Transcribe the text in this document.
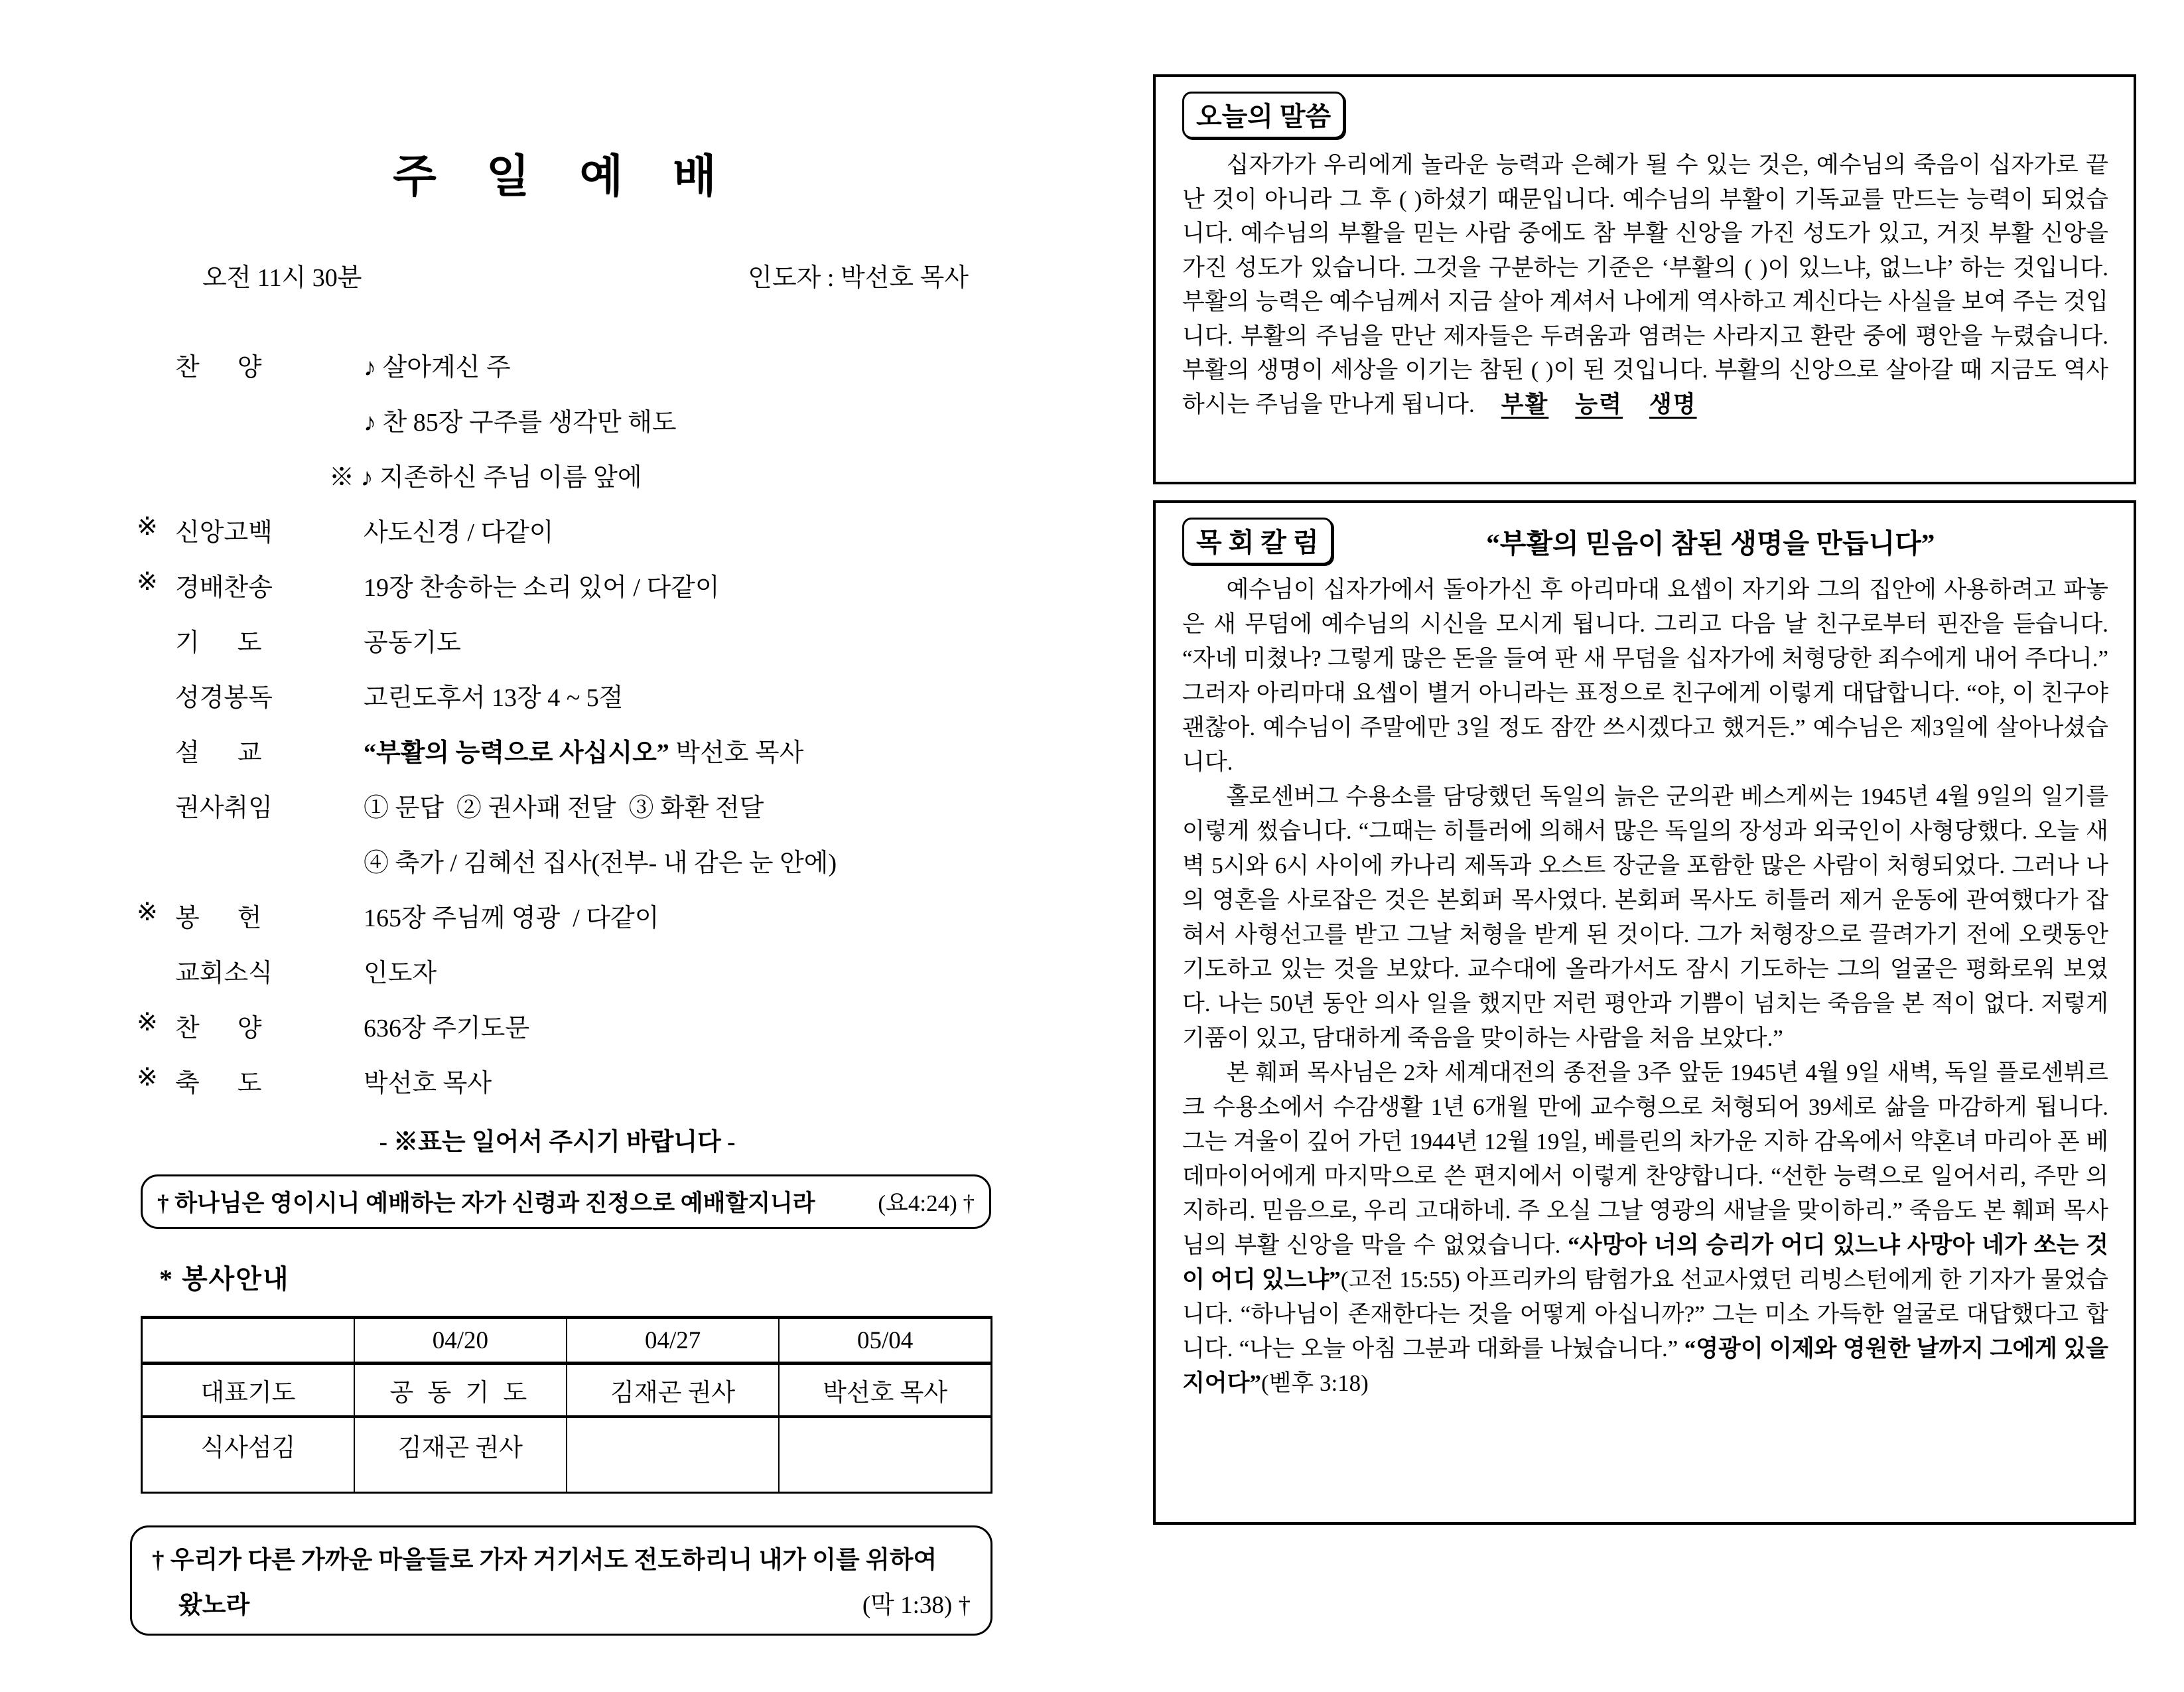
주 일 예 배
오전 11시 30분	인도자 : 박선호 목사
찬      양	♪ 살아계신 주
♪ 찬 85장 구주를 생각만 해도
※ ♪ 지존하신 주님 이름 앞에
※ 신앙고백	사도신경 / 다같이
※ 경배찬송	19장 찬송하는 소리 있어 / 다같이
기      도	공동기도
성경봉독	고린도후서 13장 4 ~ 5절
설      교	“부활의 능력으로 사십시오” 박선호 목사
권사취임	① 문답  ② 권사패 전달  ③ 화환 전달
④ 축가 / 김혜선 집사(전부- 내 감은 눈 안에)
※ 봉      헌	165장 주님께 영광  / 다같이
교회소식	인도자
※ 찬      양	636장 주기도문
※ 축      도	박선호 목사
- ※표는 일어서 주시기 바랍니다 -
† 하나님은 영이시니 예배하는 자가 신령과 진정으로 예배할지니라	(요4:24) †
* 봉사안내
	04/20	04/27	05/04
대표기도	공 동 기 도	김재곤 권사	박선호 목사
식사섬김	김재곤 권사		
† 우리가 다른 가까운 마을들로 가자 거기서도 전도하리니 내가 이를 위하여
왔노라	(막 1:38) †
오늘의 말씀

십자가가 우리에게 놀라운 능력과 은혜가 될 수 있는 것은, 예수님의 죽음이 십자가로 끝난 것이 아니라 그 후 ( )하셨기 때문입니다. 예수님의 부활이 기독교를 만드는 능력이 되었습니다. 예수님의 부활을 믿는 사람 중에도 참 부활 신앙을 가진 성도가 있고, 거짓 부활 신앙을 가진 성도가 있습니다. 그것을 구분하는 기준은 ‘부활의 ( )이 있느냐, 없느냐’ 하는 것입니다. 부활의 능력은 예수님께서 지금 살아 계셔서 나에게 역사하고 계신다는 사실을 보여 주는 것입니다. 부활의 주님을 만난 제자들은 두려움과 염려는 사라지고 환란 중에 평안을 누렸습니다. 부활의 생명이 세상을 이기는 참된 ( )이 된 것입니다. 부활의 신앙으로 살아갈 때 지금도 역사하시는 주님을 만나게 됩니다. 부활 능력 생명

목 회 칼 럼	“부활의 믿음이 참된 생명을 만듭니다”

예수님이 십자가에서 돌아가신 후 아리마대 요셉이 자기와 그의 집안에 사용하려고 파놓은 새 무덤에 예수님의 시신을 모시게 됩니다. 그리고 다음 날 친구로부터 핀잔을 듣습니다. “자네 미쳤나? 그렇게 많은 돈을 들여 판 새 무덤을 십자가에 처형당한 죄수에게 내어 주다니.” 그러자 아리마대 요셉이 별거 아니라는 표정으로 친구에게 이렇게 대답합니다. “야, 이 친구야 괜찮아. 예수님이 주말에만 3일 정도 잠깐 쓰시겠다고 했거든.” 예수님은 제3일에 살아나셨습니다.

홀로센버그 수용소를 담당했던 독일의 늙은 군의관 베스게씨는 1945년 4월 9일의 일기를 이렇게 썼습니다. “그때는 히틀러에 의해서 많은 독일의 장성과 외국인이 사형당했다. 오늘 새벽 5시와 6시 사이에 카나리 제독과 오스트 장군을 포함한 많은 사람이 처형되었다. 그러나 나의 영혼을 사로잡은 것은 본회퍼 목사였다. 본회퍼 목사도 히틀러 제거 운동에 관여했다가 잡혀서 사형선고를 받고 그날 처형을 받게 된 것이다. 그가 처형장으로 끌려가기 전에 오랫동안 기도하고 있는 것을 보았다. 교수대에 올라가서도 잠시 기도하는 그의 얼굴은 평화로워 보였다. 나는 50년 동안 의사 일을 했지만 저런 평안과 기쁨이 넘치는 죽음을 본 적이 없다. 저렇게 기품이 있고, 담대하게 죽음을 맞이하는 사람을 처음 보았다.”

본 훼퍼 목사님은 2차 세계대전의 종전을 3주 앞둔 1945년 4월 9일 새벽, 독일 플로센뷔르크 수용소에서 수감생활 1년 6개월 만에 교수형으로 처형되어 39세로 삶을 마감하게 됩니다. 그는 겨울이 깊어 가던 1944년 12월 19일, 베를린의 차가운 지하 감옥에서 약혼녀 마리아 폰 베데마이어에게 마지막으로 쓴 편지에서 이렇게 찬양합니다. “선한 능력으로 일어서리, 주만 의지하리. 믿음으로, 우리 고대하네. 주 오실 그날 영광의 새날을 맞이하리.” 죽음도 본 훼퍼 목사님의 부활 신앙을 막을 수 없었습니다. “사망아 너의 승리가 어디 있느냐 사망아 네가 쏘는 것이 어디 있느냐”(고전 15:55) 아프리카의 탐험가요 선교사였던 리빙스턴에게 한 기자가 물었습니다. “하나님이 존재한다는 것을 어떻게 아십니까?” 그는 미소 가득한 얼굴로 대답했다고 합니다. “나는 오늘 아침 그분과 대화를 나눴습니다.” “영광이 이제와 영원한 날까지 그에게 있을지어다”(벧후 3:18)
